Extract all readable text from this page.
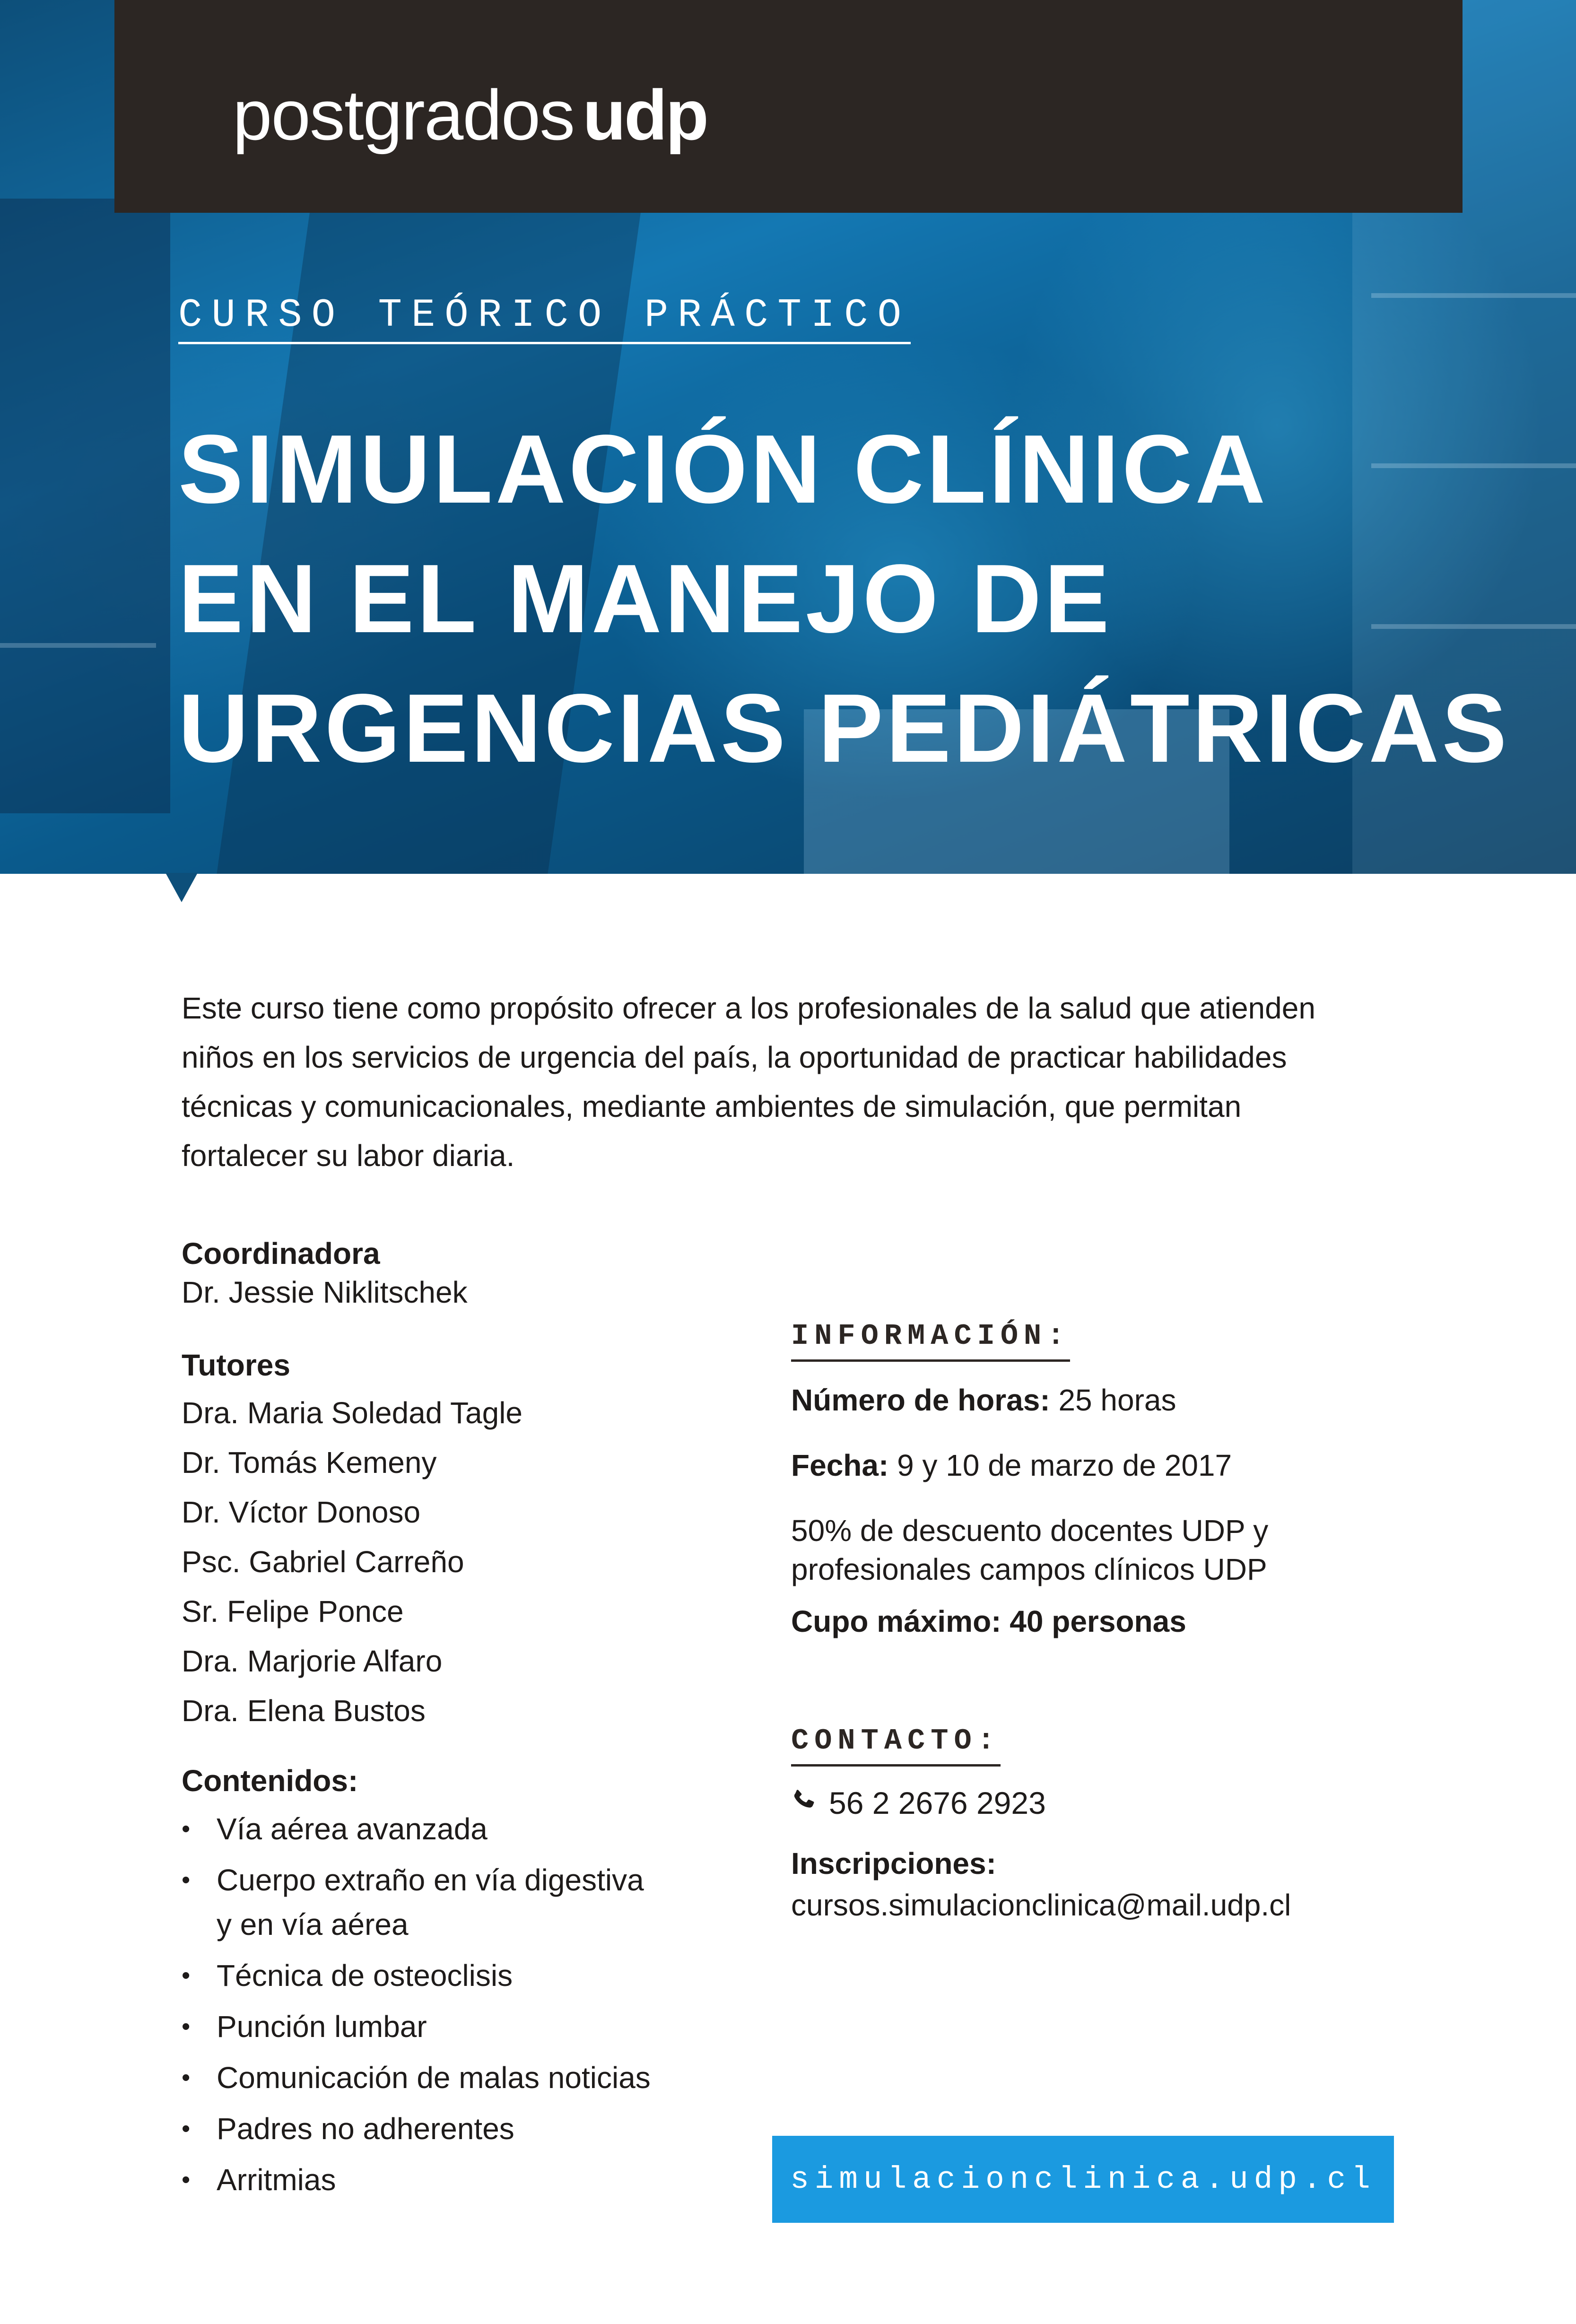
postgrados udp
CURSO TEÓRICO PRÁCTICO
SIMULACIÓN CLÍNICA
EN EL MANEJO DE
URGENCIAS PEDIÁTRICAS

Este curso tiene como propósito ofrecer a los profesionales de la salud que atienden niños en los servicios de urgencia del país, la oportunidad de practicar habilidades técnicas y comunicacionales, mediante ambientes de simulación, que permitan fortalecer su labor diaria.

Coordinadora
Dr. Jessie Niklitschek
Tutores
Dra. Maria Soledad Tagle
Dr. Tomás Kemeny
Dr. Víctor Donoso
Psc. Gabriel Carreño
Sr. Felipe Ponce
Dra. Marjorie Alfaro
Dra. Elena Bustos
Contenidos:
• Vía aérea avanzada
• Cuerpo extraño en vía digestiva
y en vía aérea
• Técnica de osteoclisis
• Punción lumbar
• Comunicación de malas noticias
• Padres no adherentes
• Arritmias
INFORMACIÓN:
Número de horas: 25 horas
Fecha: 9 y 10 de marzo de 2017
50% de descuento docentes UDP y
profesionales campos clínicos UDP
Cupo máximo: 40 personas
CONTACTO:
56 2 2676 2923
Inscripciones:
cursos.simulacionclinica@mail.udp.cl
simulacionclinica.udp.cl
